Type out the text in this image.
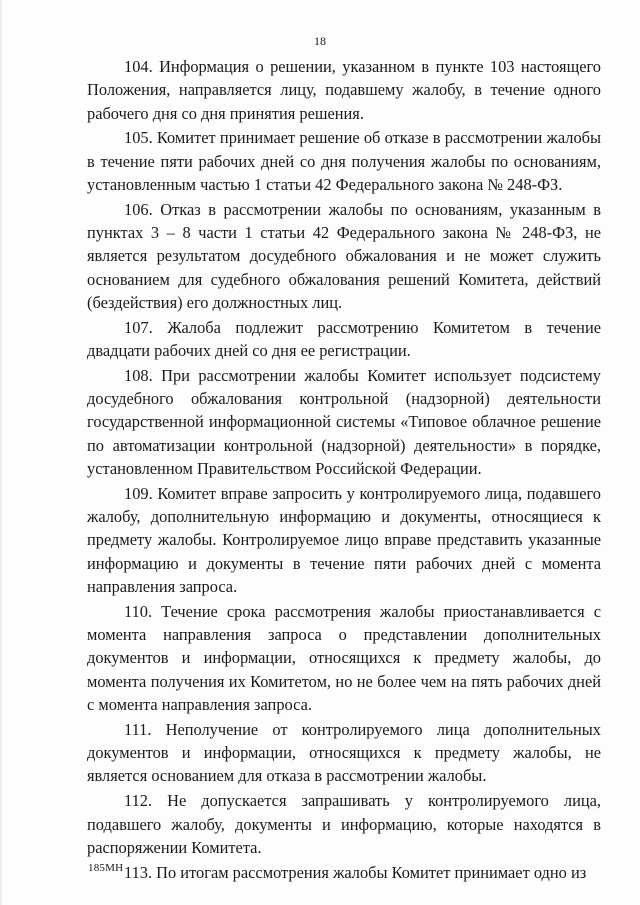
18

104. Информация о решении, указанном в пункте 103 настоящего Положения, направляется лицу, подавшему жалобу, в течение одного рабочего дня со дня принятия решения.

105. Комитет принимает решение об отказе в рассмотрении жалобы в течение пяти рабочих дней со дня получения жалобы по основаниям, установленным частью 1 статьи 42 Федерального закона № 248-ФЗ.

106. Отказ в рассмотрении жалобы по основаниям, указанным в пунктах 3 – 8 части 1 статьи 42 Федерального закона № 248-ФЗ, не является результатом досудебного обжалования и не может служить основанием для судебного обжалования решений Комитета, действий (бездействия) его должностных лиц.

107. Жалоба подлежит рассмотрению Комитетом в течение двадцати рабочих дней со дня ее регистрации.

108. При рассмотрении жалобы Комитет использует подсистему досудебного обжалования контрольной (надзорной) деятельности государственной информационной системы «Типовое облачное решение по автоматизации контрольной (надзорной) деятельности» в порядке, установленном Правительством Российской Федерации.

109. Комитет вправе запросить у контролируемого лица, подавшего жалобу, дополнительную информацию и документы, относящиеся к предмету жалобы. Контролируемое лицо вправе представить указанные информацию и документы в течение пяти рабочих дней с момента направления запроса.

110. Течение срока рассмотрения жалобы приостанавливается с момента направления запроса о представлении дополнительных документов и информации, относящихся к предмету жалобы, до момента получения их Комитетом, но не более чем на пять рабочих дней с момента направления запроса.

111. Неполучение от контролируемого лица дополнительных документов и информации, относящихся к предмету жалобы, не является основанием для отказа в рассмотрении жалобы.

112. Не допускается запрашивать у контролируемого лица, подавшего жалобу, документы и информацию, которые находятся в распоряжении Комитета.

113. По итогам рассмотрения жалобы Комитет принимает одно из

185МН
